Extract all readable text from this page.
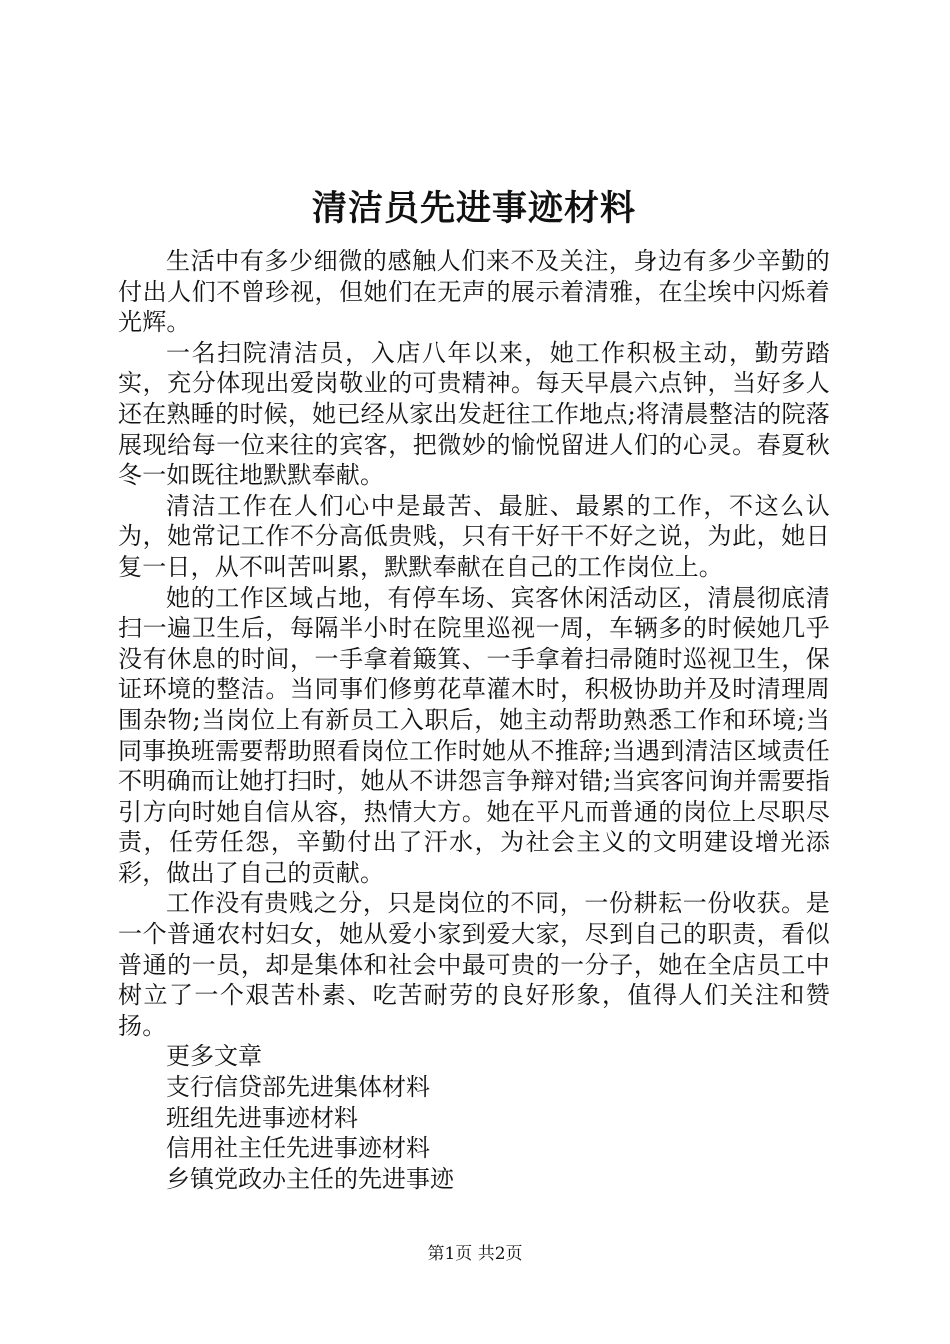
清洁员先进事迹材料

生活中有多少细微的感触人们来不及关注，身边有多少辛勤的付出人们不曾珍视，但她们在无声的展示着清雅，在尘埃中闪烁着光辉。

一名扫院清洁员，入店八年以来，她工作积极主动，勤劳踏实，充分体现出爱岗敬业的可贵精神。每天早晨六点钟，当好多人还在熟睡的时候，她已经从家出发赶往工作地点;将清晨整洁的院落展现给每一位来往的宾客，把微妙的愉悦留进人们的心灵。春夏秋冬一如既往地默默奉献。

清洁工作在人们心中是最苦、最脏、最累的工作，不这么认为，她常记工作不分高低贵贱，只有干好干不好之说，为此，她日复一日，从不叫苦叫累，默默奉献在自己的工作岗位上。

她的工作区域占地，有停车场、宾客休闲活动区，清晨彻底清扫一遍卫生后，每隔半小时在院里巡视一周，车辆多的时候她几乎没有休息的时间，一手拿着簸箕、一手拿着扫帚随时巡视卫生，保证环境的整洁。当同事们修剪花草灌木时，积极协助并及时清理周围杂物;当岗位上有新员工入职后，她主动帮助熟悉工作和环境;当同事换班需要帮助照看岗位工作时她从不推辞;当遇到清洁区域责任不明确而让她打扫时，她从不讲怨言争辩对错;当宾客问询并需要指引方向时她自信从容，热情大方。她在平凡而普通的岗位上尽职尽责，任劳任怨，辛勤付出了汗水，为社会主义的文明建设增光添彩，做出了自己的贡献。

工作没有贵贱之分，只是岗位的不同，一份耕耘一份收获。是一个普通农村妇女，她从爱小家到爱大家，尽到自己的职责，看似普通的一员，却是集体和社会中最可贵的一分子，她在全店员工中树立了一个艰苦朴素、吃苦耐劳的良好形象，值得人们关注和赞扬。

更多文章

支行信贷部先进集体材料
班组先进事迹材料
信用社主任先进事迹材料
乡镇党政办主任的先进事迹
第1页 共2页
